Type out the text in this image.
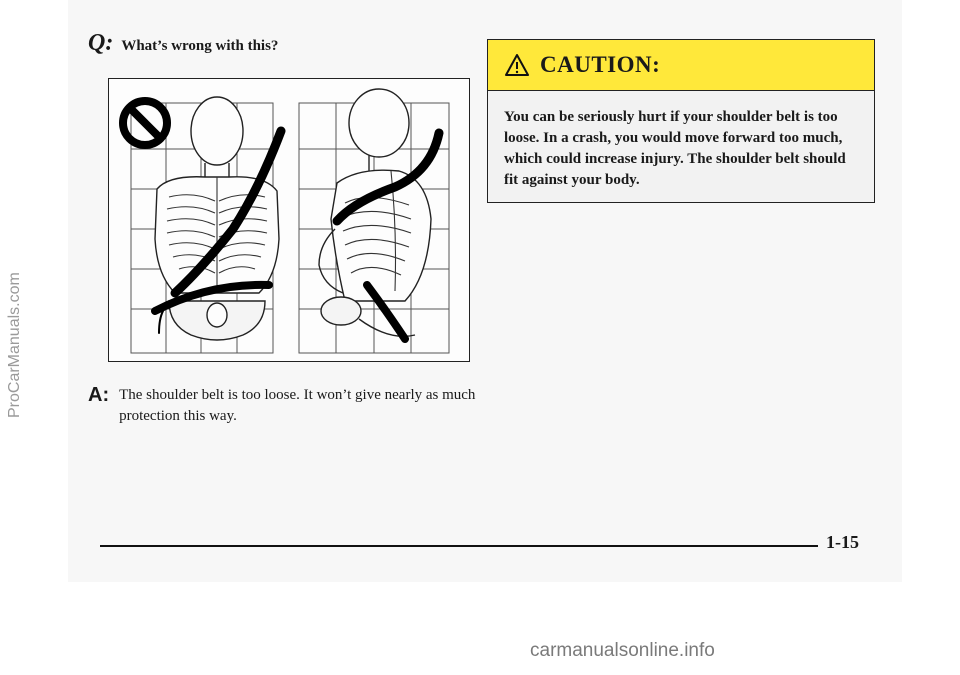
ProCarManuals.com
Q: What’s wrong with this?
A: The shoulder belt is too loose. It won’t give nearly as much protection this way.
CAUTION:
You can be seriously hurt if your shoulder belt is too loose. In a crash, you would move forward too much, which could increase injury. The shoulder belt should fit against your body.
1-15
carmanualsonline.info
